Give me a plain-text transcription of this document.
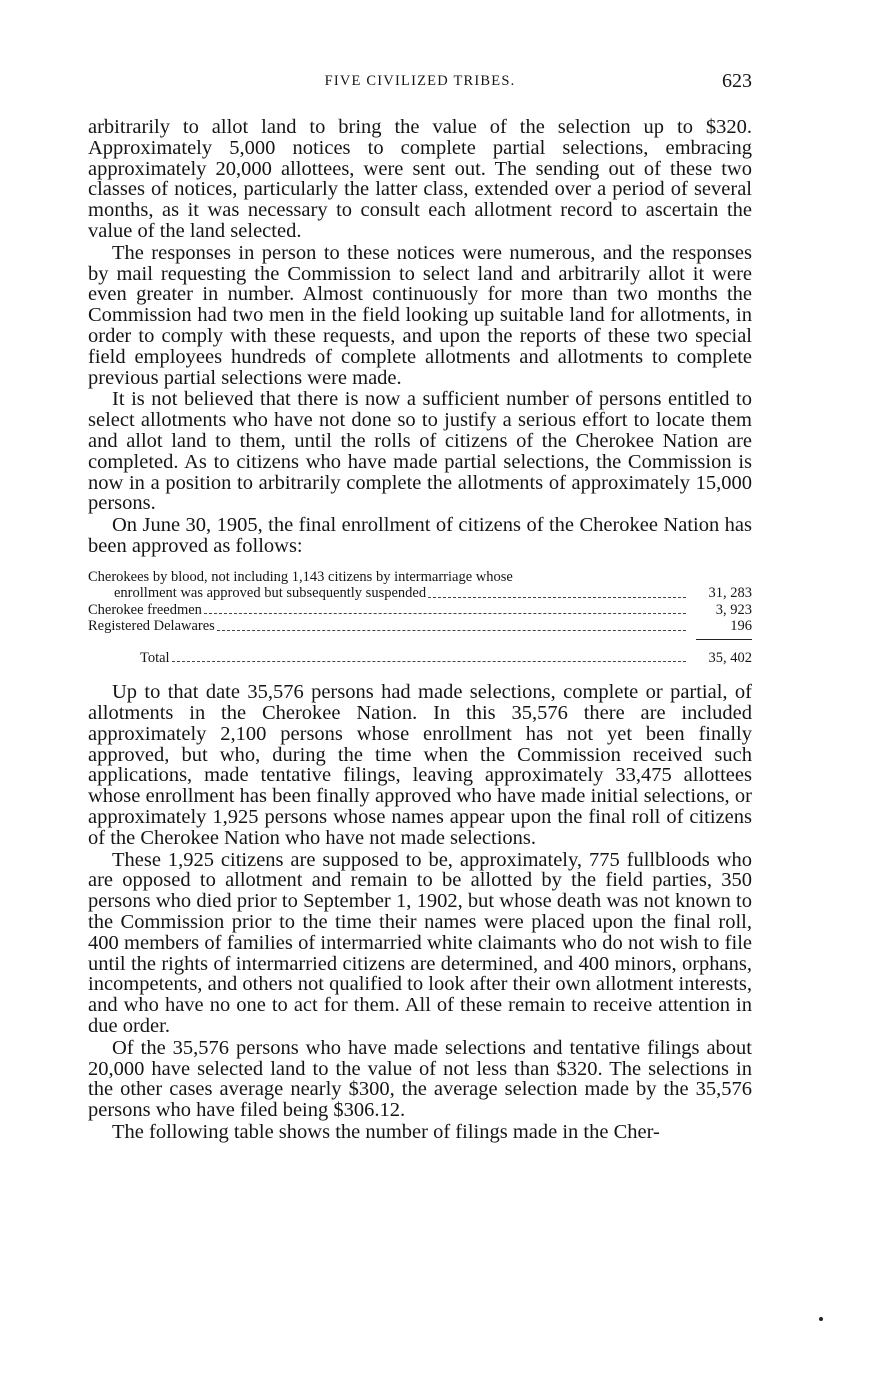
FIVE CIVILIZED TRIBES.	623

arbitrarily to allot land to bring the value of the selection up to $320. Approximately 5,000 notices to complete partial selections, embracing approximately 20,000 allottees, were sent out. The sending out of these two classes of notices, particularly the latter class, extended over a period of several months, as it was necessary to consult each allotment record to ascertain the value of the land selected.

The responses in person to these notices were numerous, and the responses by mail requesting the Commission to select land and arbitrarily allot it were even greater in number. Almost continuously for more than two months the Commission had two men in the field looking up suitable land for allotments, in order to comply with these requests, and upon the reports of these two special field employees hundreds of complete allotments and allotments to complete previous partial selections were made.

It is not believed that there is now a sufficient number of persons entitled to select allotments who have not done so to justify a serious effort to locate them and allot land to them, until the rolls of citizens of the Cherokee Nation are completed. As to citizens who have made partial selections, the Commission is now in a position to arbitrarily complete the allotments of approximately 15,000 persons.

On June 30, 1905, the final enrollment of citizens of the Cherokee Nation has been approved as follows:

Cherokees by blood, not including 1,143 citizens by intermarriage whose
enrollment was approved but subsequently suspended	31, 283
Cherokee freedmen	3, 923
Registered Delawares	196
Total	35, 402

Up to that date 35,576 persons had made selections, complete or partial, of allotments in the Cherokee Nation. In this 35,576 there are included approximately 2,100 persons whose enrollment has not yet been finally approved, but who, during the time when the Commission received such applications, made tentative filings, leaving approximately 33,475 allottees whose enrollment has been finally approved who have made initial selections, or approximately 1,925 persons whose names appear upon the final roll of citizens of the Cherokee Nation who have not made selections.

These 1,925 citizens are supposed to be, approximately, 775 fullbloods who are opposed to allotment and remain to be allotted by the field parties, 350 persons who died prior to September 1, 1902, but whose death was not known to the Commission prior to the time their names were placed upon the final roll, 400 members of families of intermarried white claimants who do not wish to file until the rights of intermarried citizens are determined, and 400 minors, orphans, incompetents, and others not qualified to look after their own allotment interests, and who have no one to act for them. All of these remain to receive attention in due order.

Of the 35,576 persons who have made selections and tentative filings about 20,000 have selected land to the value of not less than $320. The selections in the other cases average nearly $300, the average selection made by the 35,576 persons who have filed being $306.12.

The following table shows the number of filings made in the Cher-
